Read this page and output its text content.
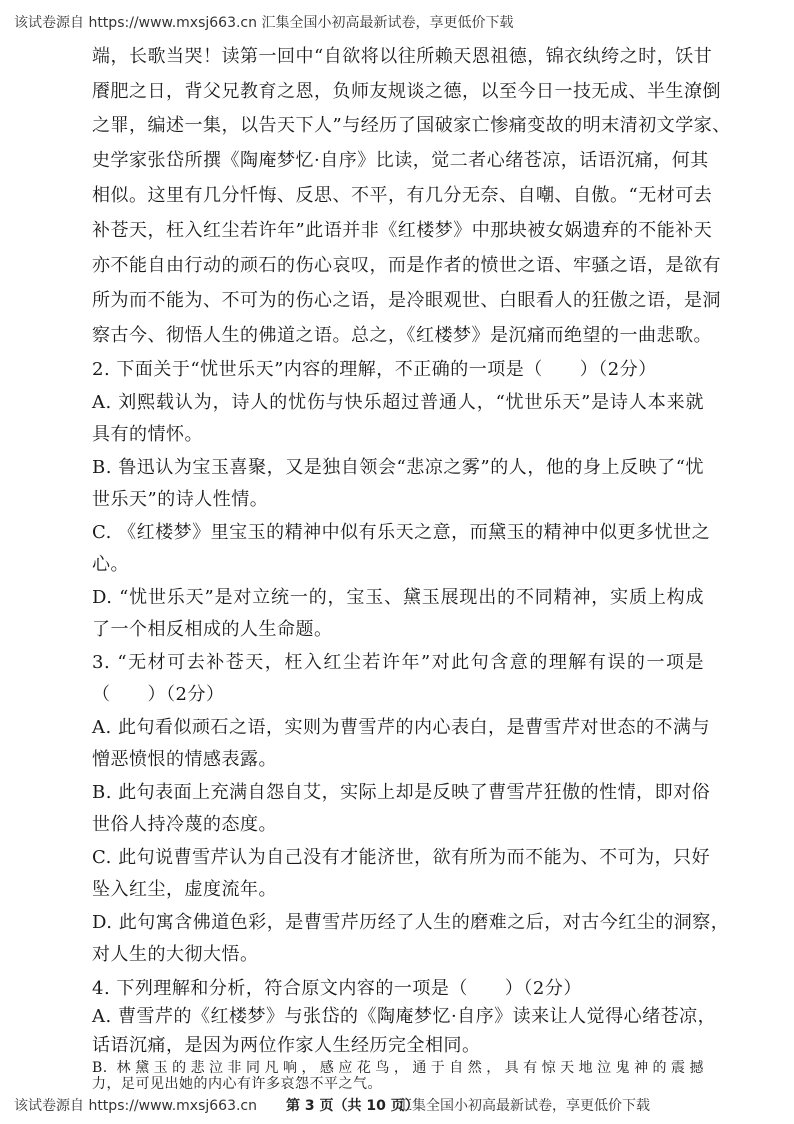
该试卷源自 https://www.mxsj663.cn 汇集全国小初高最新试卷，享更低价下载
端，长歌当哭！读第一回中“自欲将以往所赖天恩祖德，锦衣纨绔之时，饫甘
餍肥之日，背父兄教育之恩，负师友规谈之德，以至今日一技无成、半生潦倒
之罪，编述一集，以告天下人”与经历了国破家亡惨痛变故的明末清初文学家、
史学家张岱所撰《陶庵梦忆·自序》比读，觉二者心绪苍凉，话语沉痛，何其
相似。这里有几分忏悔、反思、不平，有几分无奈、自嘲、自傲。“无材可去
补苍天，枉入红尘若许年”此语并非《红楼梦》中那块被女娲遗弃的不能补天
亦不能自由行动的顽石的伤心哀叹，而是作者的愤世之语、牢骚之语，是欲有
所为而不能为、不可为的伤心之语，是冷眼观世、白眼看人的狂傲之语，是洞
察古今、彻悟人生的佛道之语。总之，《红楼梦》是沉痛而绝望的一曲悲歌。
2. 下面关于“忧世乐天”内容的理解，不正确的一项是（　　）（2分）
A. 刘熙载认为，诗人的忧伤与快乐超过普通人，“忧世乐天”是诗人本来就
具有的情怀。
B. 鲁迅认为宝玉喜聚，又是独自领会“悲凉之雾”的人，他的身上反映了“忧
世乐天”的诗人性情。
C. 《红楼梦》里宝玉的精神中似有乐天之意，而黛玉的精神中似更多忧世之
心。
D. “忧世乐天”是对立统一的，宝玉、黛玉展现出的不同精神，实质上构成
了一个相反相成的人生命题。
3. “无材可去补苍天，枉入红尘若许年”对此句含意的理解有误的一项是
（　　）（2分）
A. 此句看似顽石之语，实则为曹雪芹的内心表白，是曹雪芹对世态的不满与
憎恶愤恨的情感表露。
B. 此句表面上充满自怨自艾，实际上却是反映了曹雪芹狂傲的性情，即对俗
世俗人持冷蔑的态度。
C. 此句说曹雪芹认为自己没有才能济世，欲有所为而不能为、不可为，只好
坠入红尘，虚度流年。
D. 此句寓含佛道色彩，是曹雪芹历经了人生的磨难之后，对古今红尘的洞察，
对人生的大彻大悟。
4. 下列理解和分析，符合原文内容的一项是（　　）（2分）
A. 曹雪芹的《红楼梦》与张岱的《陶庵梦忆·自序》读来让人觉得心绪苍凉，
话语沉痛，是因为两位作家人生经历完全相同。
B. 林黛玉的悲泣非同凡响，感应花鸟，通于自然，具有惊天地泣鬼神的震撼
力，足可见出她的内心有许多哀怨不平之气。
该试卷源自 https://www.mxsj663.cn 第 3 页（共 10 页）
汇集全国小初高最新试卷，享更低价下载
